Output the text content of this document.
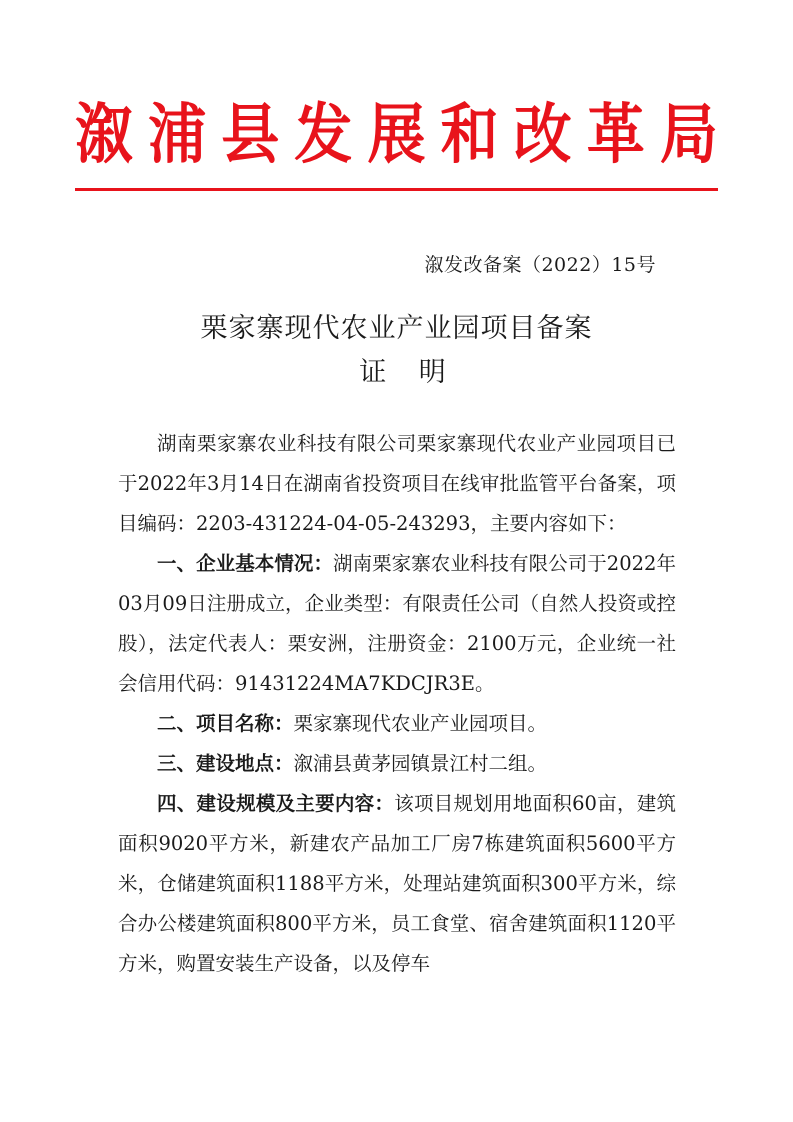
溆 浦 县 发 展 和 改 革 局
溆发改备案（2022）15号
栗家寨现代农业产业园项目备案
证 明

湖南栗家寨农业科技有限公司栗家寨现代农业产业园项目已于2022年3月14日在湖南省投资项目在线审批监管平台备案，项目编码：2203-431224-04-05-243293，主要内容如下：

一、企业基本情况：湖南栗家寨农业科技有限公司于2022年03月09日注册成立，企业类型：有限责任公司（自然人投资或控股），法定代表人：栗安洲，注册资金：2100万元，企业统一社会信用代码：91431224MA7KDCJR3E。

二、项目名称：栗家寨现代农业产业园项目。

三、建设地点：溆浦县黄茅园镇景江村二组。

四、建设规模及主要内容：该项目规划用地面积60亩，建筑面积9020平方米，新建农产品加工厂房7栋建筑面积5600平方米，仓储建筑面积1188平方米，处理站建筑面积300平方米，综合办公楼建筑面积800平方米，员工食堂、宿舍建筑面积1120平方米，购置安装生产设备，以及停车
